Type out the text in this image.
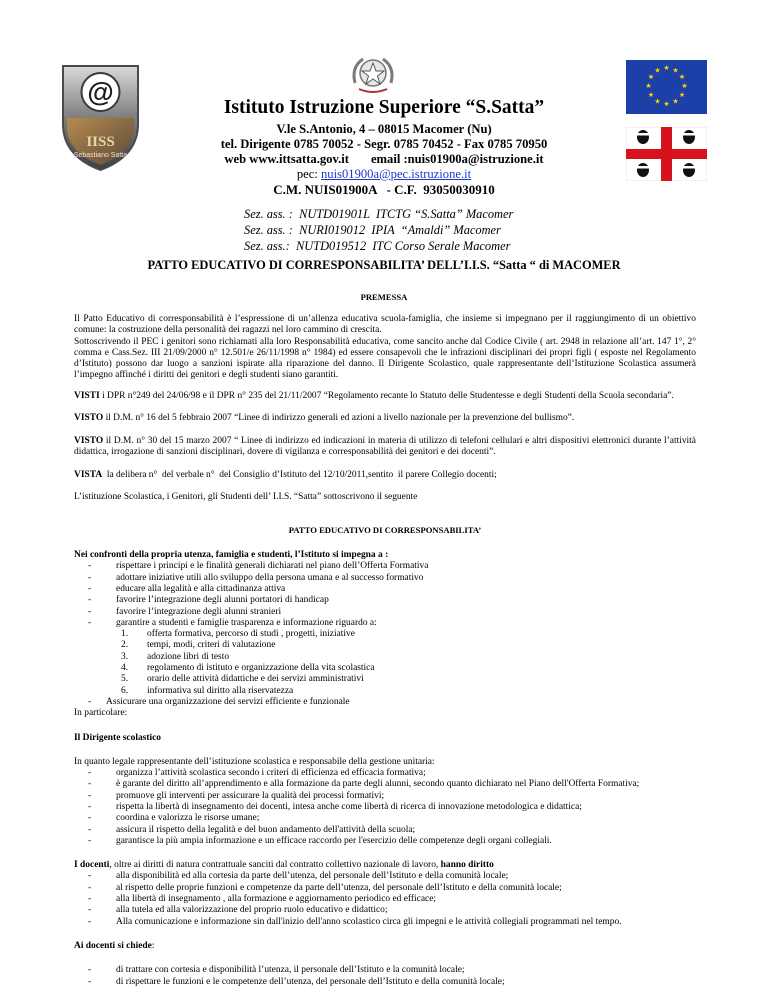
@
IISS
Sebastiano Satta
★ ★
★
★
★
★
★
★
★
★
★
★

Istituto Istruzione Superiore “S.Satta”

V.le S.Antonio, 4 – 08015 Macomer (Nu)

tel. Dirigente 0785 70052 - Segr. 0785 70452 - Fax 0785 70950

web www.ittsatta.gov.it       email :nuis01900a@istruzione.it

pec: nuis01900a@pec.istruzione.it

C.M. NUIS01900A   - C.F.  93050030910

Sez. ass. :  NUTD01901L  ITCTG “S.Satta” Macomer

Sez. ass. :  NURI019012  IPIA  “Amaldi” Macomer

Sez. ass.:  NUTD019512  ITC Corso Serale Macomer

PATTO EDUCATIVO DI CORRESPONSABILITA’ DELL’I.I.S. “Satta “ di MACOMER

PREMESSA

Il Patto Educativo di corresponsabilità è l’espressione di un’allenza educativa scuola-famiglia, che insieme si impegnano per il raggiungimento di un obiettivo comune: la costruzione della personalità dei ragazzi nel loro cammino di crescita.

Sottoscrivendo il PEC i genitori sono richiamati alla loro Responsabilità educativa, come sancito anche dal Codice Civile ( art. 2948 in relazione all’art. 147 1°, 2° comma e Cass.Sez. III 21/09/2000 n° 12.501/e 26/11/1998 n° 1984) ed essere consapevoli che le infrazioni disciplinari dei propri figli ( esposte nel Regolamento d’Istituto) possono dar luogo a sanzioni ispirate alla riparazione del danno. Il Dirigente Scolastico, quale rappresentante dell’Istituzione Scolastica assumerà l’impegno affinché i diritti dei genitori e degli studenti siano garantiti.

VISTI i DPR n°249 del 24/06/98 e il DPR n° 235 del 21/11/2007 “Regolamento recante lo Statuto delle Studentesse e degli Studenti della Scuola secondaria”.

VISTO il D.M. n° 16 del 5 febbraio 2007 “Linee di indirizzo generali ed azioni a livello nazionale per la prevenzione del bullismo”.

VISTO il D.M. n° 30 del 15 marzo 2007 “ Linee di indirizzo ed indicazioni in materia di utilizzo di telefoni cellulari e altri dispositivi elettronici durante l’attività didattica, irrogazione di sanzioni disciplinari, dovere di vigilanza e corresponsabilità dei genitori e dei docenti”.

VISTA  la delibera n°  del verbale n°  del Consiglio d’Istituto del 12/10/2011,sentito  il parere Collegio docenti;

L’istituzione Scolastica, i Genitori, gli Studenti dell’ I.I.S. “Satta” sottoscrivono il seguente

PATTO EDUCATIVO DI CORRESPONSABILITA’

Nei confronti della propria utenza, famiglia e studenti, l’Istituto si impegna a :

- rispettare i principi e le finalità generali dichiarati nel piano dell’Offerta Formativa
- adottare iniziative utili allo sviluppo della persona umana e al successo formativo
- educare alla legalità e alla cittadinanza attiva
- favorire l’integrazione degli alunni portatori di handicap
- favorire l’integrazione degli alunni stranieri
- garantire a studenti e famiglie trasparenza e informazione riguardo a:
1. offerta formativa, percorso di studi , progetti, iniziative
2. tempi, modi, criteri di valutazione
3. adozione libri di testo
4. regolamento di istituto e organizzazione della vita scolastica
5. orario delle attività didattiche e dei servizi amministrativi
6. informativa sul diritto alla riservatezza
- Assicurare una organizzazione dei servizi efficiente e funzionale

In particolare:

Il Dirigente scolastico

In quanto legale rappresentante dell’istituzione scolastica e responsabile della gestione unitaria:

- organizza l’attività scolastica secondo i criteri di efficienza ed efficacia formativa;
- è garante del diritto all’apprendimento e alla formazione da parte degli alunni, secondo quanto dichiarato nel Piano dell'Offerta Formativa;
- promuove gli interventi per assicurare la qualità dei processi formativi;
- rispetta la libertà di insegnamento dei docenti, intesa anche come libertà di ricerca di innovazione metodologica e didattica;
- coordina e valorizza le risorse umane;
- assicura il rispetto della legalità e del buon andamento dell'attività della scuola;
- garantisce la più ampia informazione e un efficace raccordo per l'esercizio delle competenze degli organi collegiali.

I docenti, oltre ai diritti di natura contrattuale sanciti dal contratto collettivo nazionale di lavoro, hanno diritto

- alla disponibilità ed alla cortesia da parte dell’utenza, del personale dell’Istituto e della comunità locale;
- al rispetto delle proprie funzioni e competenze da parte dell’utenza, del personale dell’Istituto e della comunità locale;
- alla libertà di insegnamento , alla formazione e aggiornamento periodico ed efficace;
- alla tutela ed alla valorizzazione del proprio ruolo educativo e didattico;
- Alla comunicazione e informazione sin dall'inizio dell'anno scolastico circa gli impegni e le attività collegiali programmati nel tempo.

Ai docenti si chiede:

- di trattare con cortesia e disponibilità l’utenza, il personale dell’Istituto e la comunità locale;
- di rispettare le funzioni e le competenze dell’utenza, del personale dell’Istituto e della comunità locale;
